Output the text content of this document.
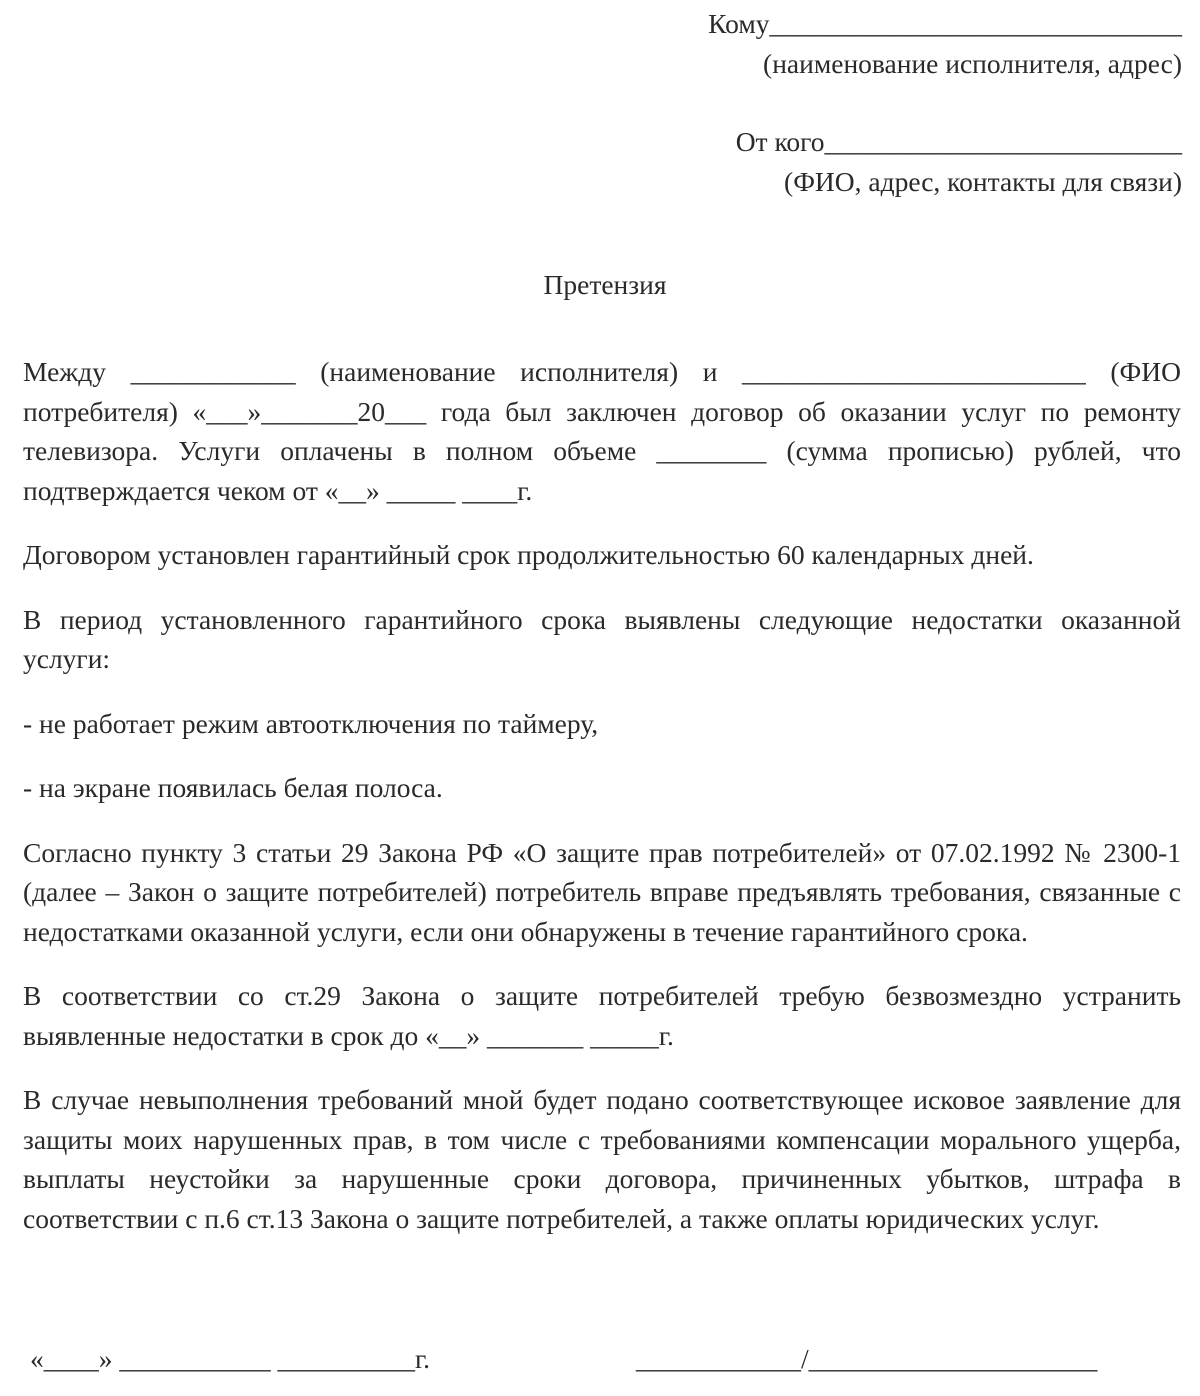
Кому______________________________
(наименование исполнителя, адрес)
От кого__________________________
(ФИО, адрес, контакты для связи)
Претензия

Между ____________ (наименование исполнителя) и _________________________ (ФИО потребителя) «___»_______20___ года был заключен договор об оказании услуг по ремонту телевизора. Услуги оплачены в полном объеме ________ (сумма прописью) рублей, что подтверждается чеком от «__» _____ ____г.

Договором установлен гарантийный срок продолжительностью 60 календарных дней.

В период установленного гарантийного срока выявлены следующие недостатки оказанной услуги:

- не работает режим автоотключения по таймеру,

- на экране появилась белая полоса.

Согласно пункту 3 статьи 29 Закона РФ «О защите прав потребителей» от 07.02.1992 № 2300-1 (далее – Закон о защите потребителей) потребитель вправе предъявлять требования, связанные с недостатками оказанной услуги, если они обнаружены в течение гарантийного срока.

В соответствии со ст.29 Закона о защите потребителей требую безвозмездно устранить выявленные недостатки в срок до «__» _______ _____г.

В случае невыполнения требований мной будет подано соответствующее исковое заявление для защиты моих нарушенных прав, в том числе с требованиями компенсации морального ущерба, выплаты неустойки за нарушенные сроки договора, причиненных убытков, штрафа в соответствии с п.6 ст.13 Закона о защите потребителей, а также оплаты юридических услуг.

«____» ___________ __________г.	____________/_____________________
